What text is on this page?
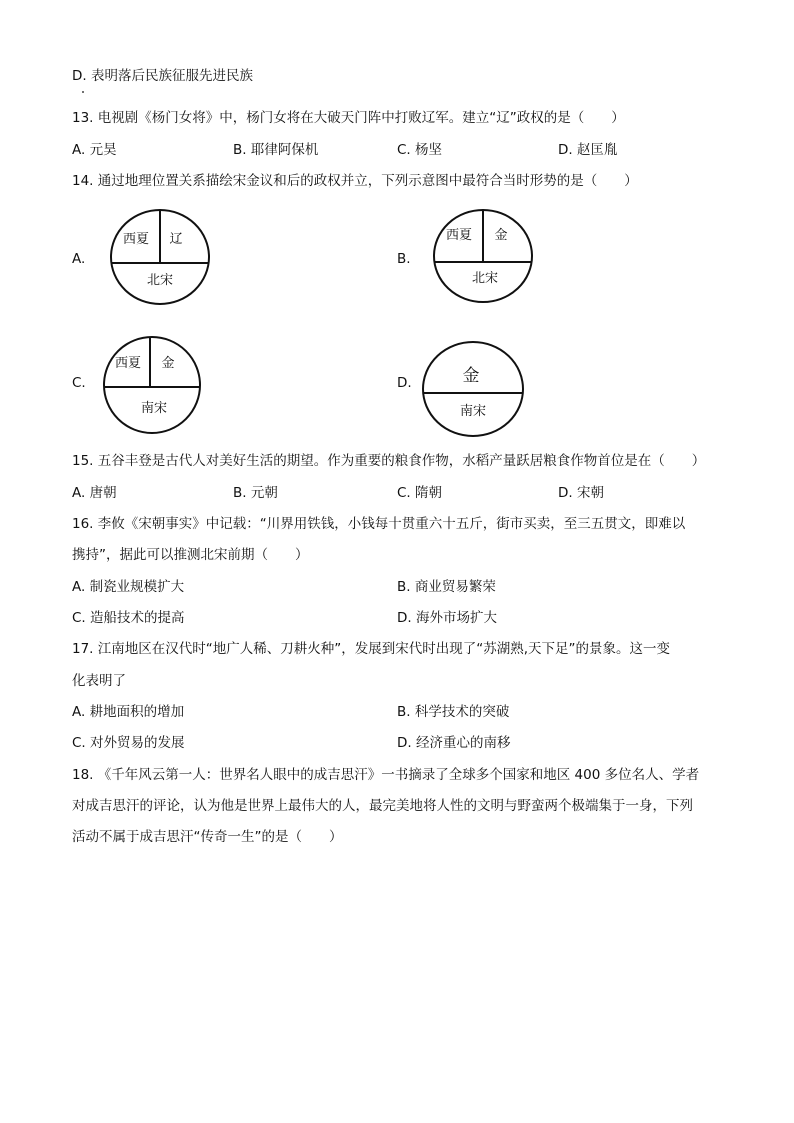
D. 表明落后民族征服先进民族
13. 电视剧《杨门女将》中，杨门女将在大破天门阵中打败辽军。建立“辽”政权的是（　　）
A. 元昊	B. 耶律阿保机	C. 杨坚	D. 赵匡胤
14. 通过地理位置关系描绘宋金议和后的政权并立，下列示意图中最符合当时形势的是（　　）
A.
西夏 辽
北宋
B.
西夏 金
北宋
C.
西夏 金
南宋
D.	金
南宋
15. 五谷丰登是古代人对美好生活的期望。作为重要的粮食作物，水稻产量跃居粮食作物首位是在（　　）
A. 唐朝	B. 元朝	C. 隋朝	D. 宋朝
16. 李攸《宋朝事实》中记载：“川界用铁钱，小钱每十贯重六十五斤，街市买卖，至三五贯文，即难以
携持”，据此可以推测北宋前期（　　）
A. 制瓷业规模扩大	B. 商业贸易繁荣
C. 造船技术的提高	D. 海外市场扩大
17. 江南地区在汉代时“地广人稀、刀耕火种”，发展到宋代时出现了“苏湖熟,天下足”的景象。这一变
化表明了
A. 耕地面积的增加	B. 科学技术的突破
C. 对外贸易的发展	D. 经济重心的南移
18. 《千年风云第一人：世界名人眼中的成吉思汗》一书摘录了全球多个国家和地区 400 多位名人、学者
对成吉思汗的评论，认为他是世界上最伟大的人，最完美地将人性的文明与野蛮两个极端集于一身，下列
活动不属于成吉思汗“传奇一生”的是（　　）
